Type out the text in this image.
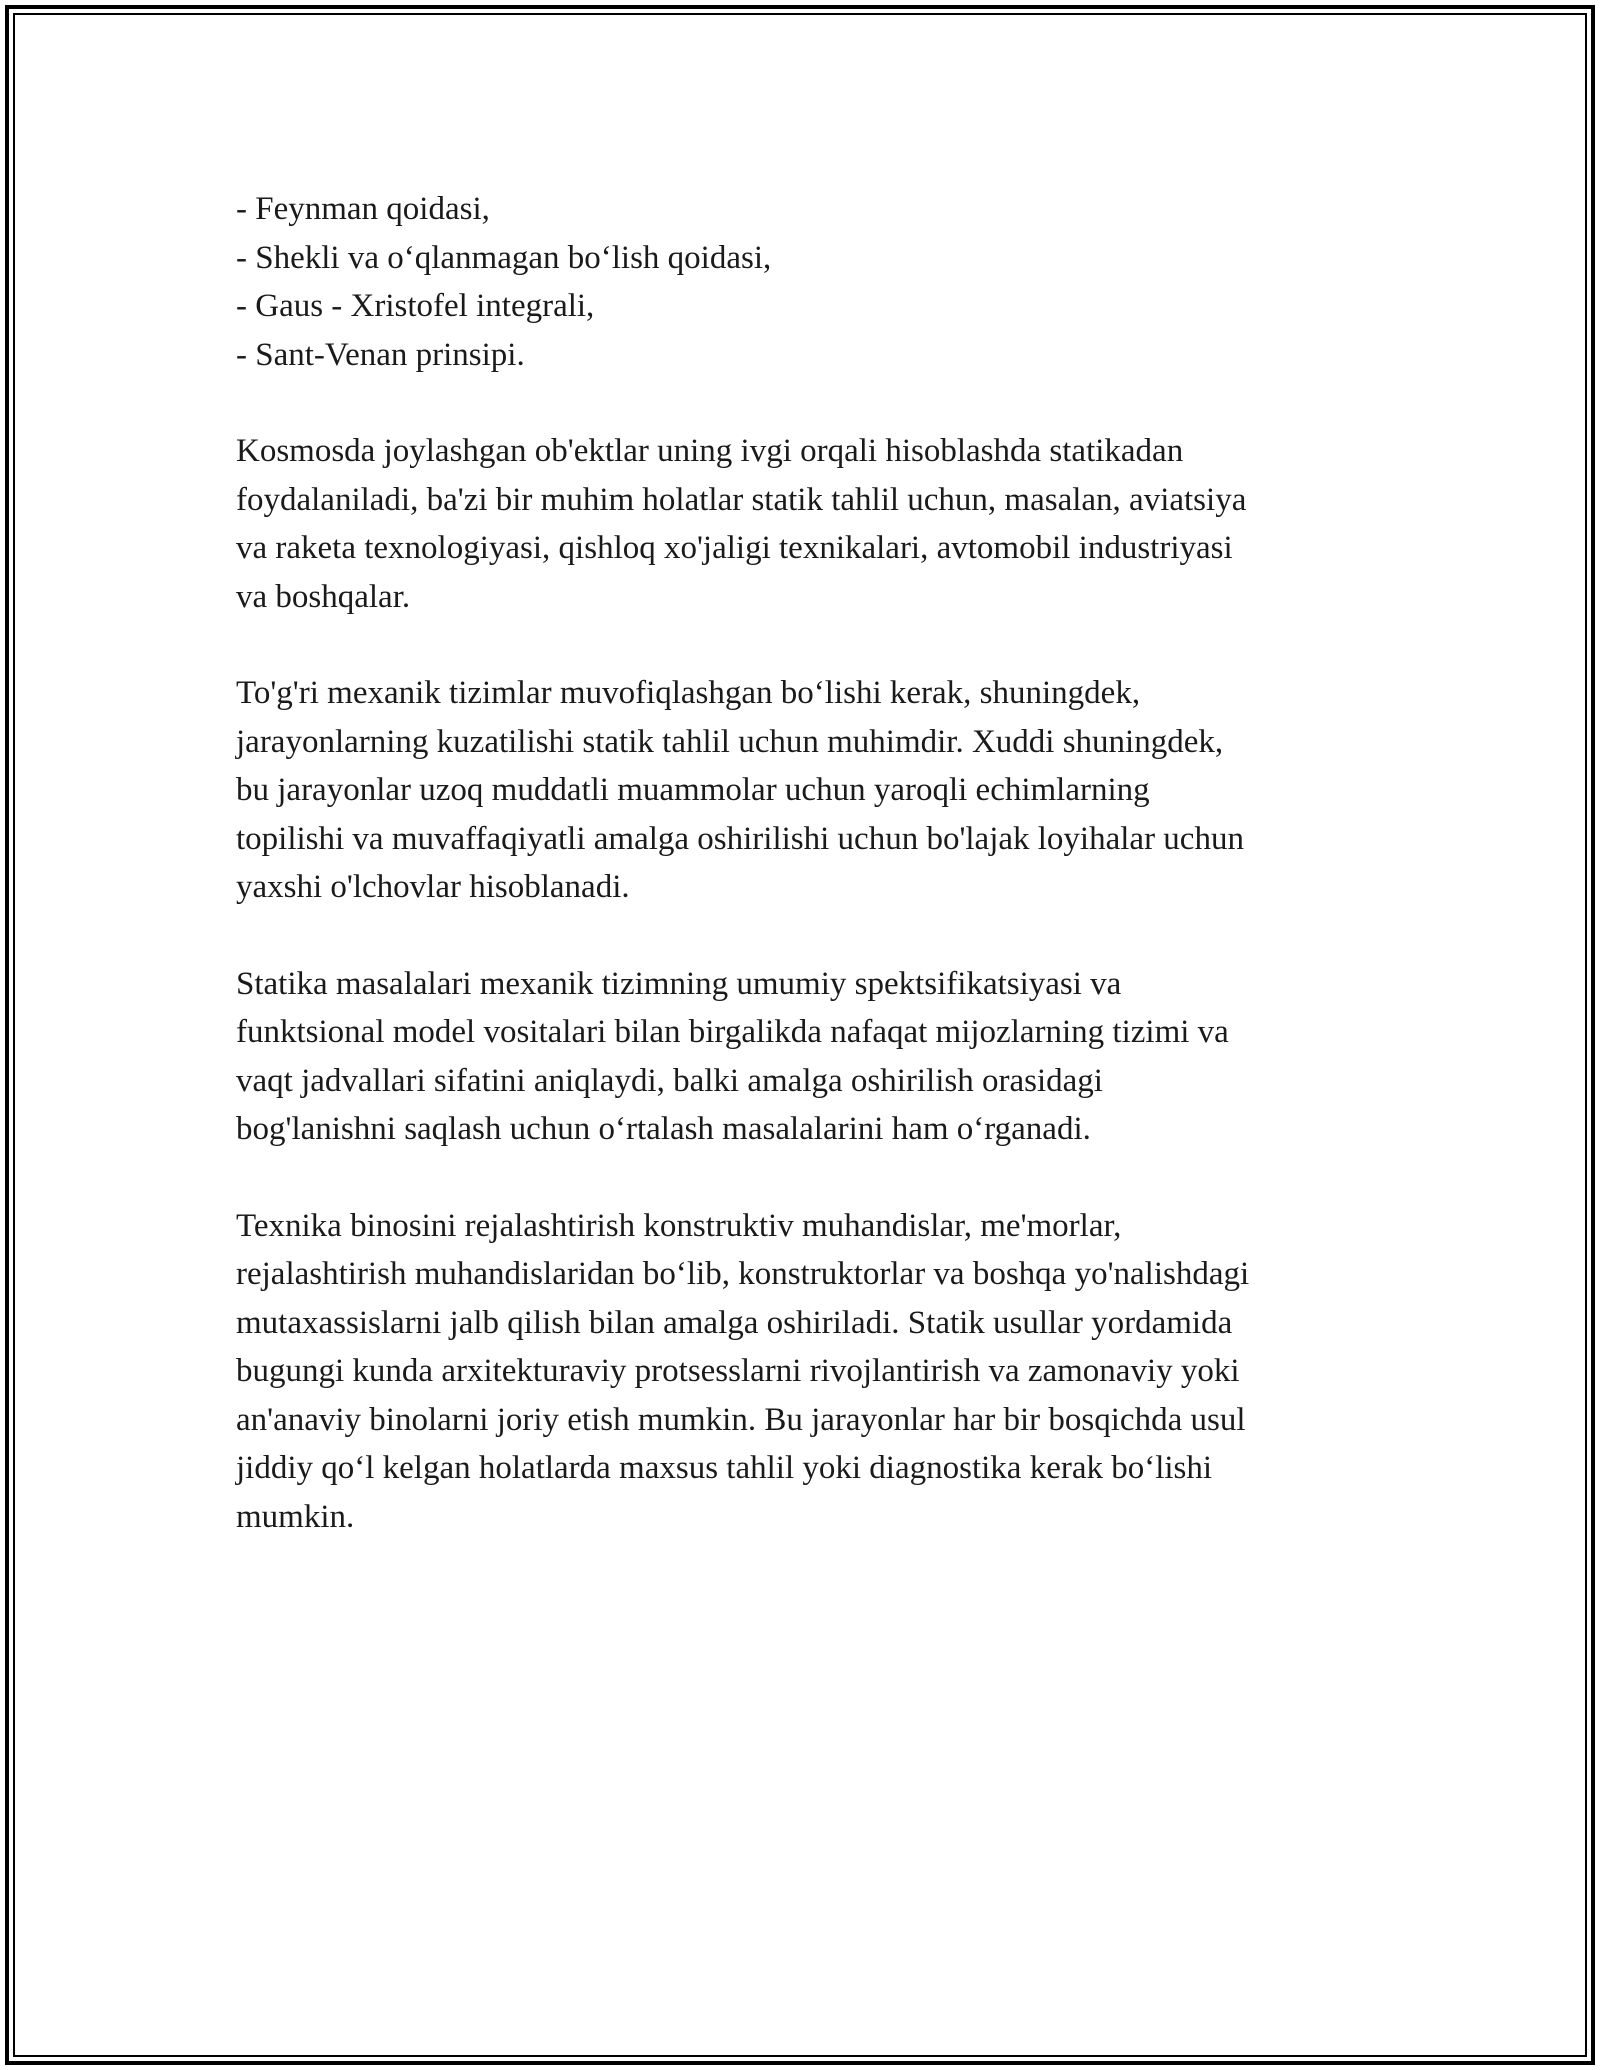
- Feynman qoidasi,
- Shekli va oʻqlanmagan boʻlish qoidasi,
- Gaus - Xristofel integrali,
- Sant-Venan prinsipi.
Kosmosda joylashgan ob'ektlar uning ivgi orqali hisoblashda statikadan
foydalaniladi, ba'zi bir muhim holatlar statik tahlil uchun, masalan, aviatsiya
va raketa texnologiyasi, qishloq xo'jaligi texnikalari, avtomobil industriyasi
va boshqalar.
To'g'ri mexanik tizimlar muvofiqlashgan boʻlishi kerak, shuningdek,
jarayonlarning kuzatilishi statik tahlil uchun muhimdir. Xuddi shuningdek,
bu jarayonlar uzoq muddatli muammolar uchun yaroqli echimlarning
topilishi va muvaffaqiyatli amalga oshirilishi uchun bo'lajak loyihalar uchun
yaxshi o'lchovlar hisoblanadi.
Statika masalalari mexanik tizimning umumiy spektsifikatsiyasi va
funktsional model vositalari bilan birgalikda nafaqat mijozlarning tizimi va
vaqt jadvallari sifatini aniqlaydi, balki amalga oshirilish orasidagi
bog'lanishni saqlash uchun oʻrtalash masalalarini ham oʻrganadi.
Texnika binosini rejalashtirish konstruktiv muhandislar, me'morlar,
rejalashtirish muhandislaridan boʻlib, konstruktorlar va boshqa yo'nalishdagi
mutaxassislarni jalb qilish bilan amalga oshiriladi. Statik usullar yordamida
bugungi kunda arxitekturaviy protsesslarni rivojlantirish va zamonaviy yoki
an'anaviy binolarni joriy etish mumkin. Bu jarayonlar har bir bosqichda usul
jiddiy qoʻl kelgan holatlarda maxsus tahlil yoki diagnostika kerak boʻlishi
mumkin.
